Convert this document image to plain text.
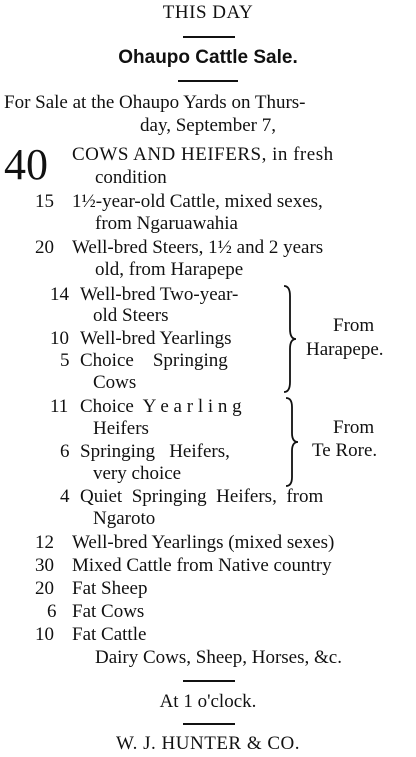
THIS DAY
Ohaupo Cattle Sale.
For Sale at the Ohaupo Yards on Thurs-
day, September 7,
40 COWS AND HEIFERS, in fresh
condition
15 1½-year-old Cattle, mixed sexes,
from Ngaruawahia
20 Well-bred Steers, 1½ and 2 years
old, from Harapepe
14 Well-bred Two-year-
old Steers
10 Well-bred Yearlings
5 Choice    Springing
Cows
From
Harapepe.
11 Choice  Y e a r l i n g
Heifers
6 Springing   Heifers,
very choice
From
Te Rore.
4 Quiet  Springing  Heifers,  from
Ngaroto
12 Well-bred Yearlings (mixed sexes)
30 Mixed Cattle from Native country
20 Fat Sheep
6 Fat Cows
10 Fat Cattle
Dairy Cows, Sheep, Horses, &c.
At 1 o'clock.
W. J. HUNTER & CO.
